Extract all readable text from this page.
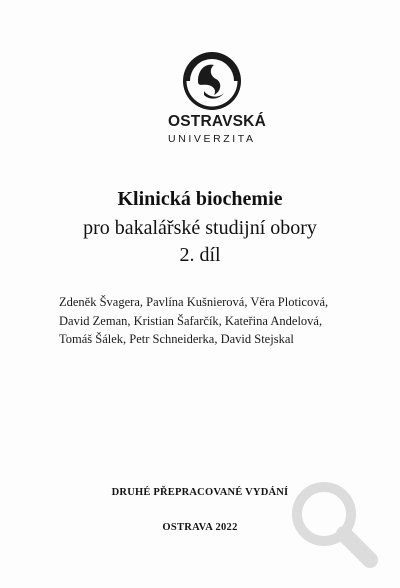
OSTRAVSKÁ

UNIVERZITA

Klinická biochemie

pro bakalářské studijní obory

2. díl

Zdeněk Švagera, Pavlína Kušnierová, Věra Ploticová,
David Zeman, Kristian Šafarčík, Kateřina Andelová,
Tomáš Šálek, Petr Schneiderka, David Stejskal

DRUHÉ PŘEPRACOVANÉ VYDÁNÍ

OSTRAVA 2022
